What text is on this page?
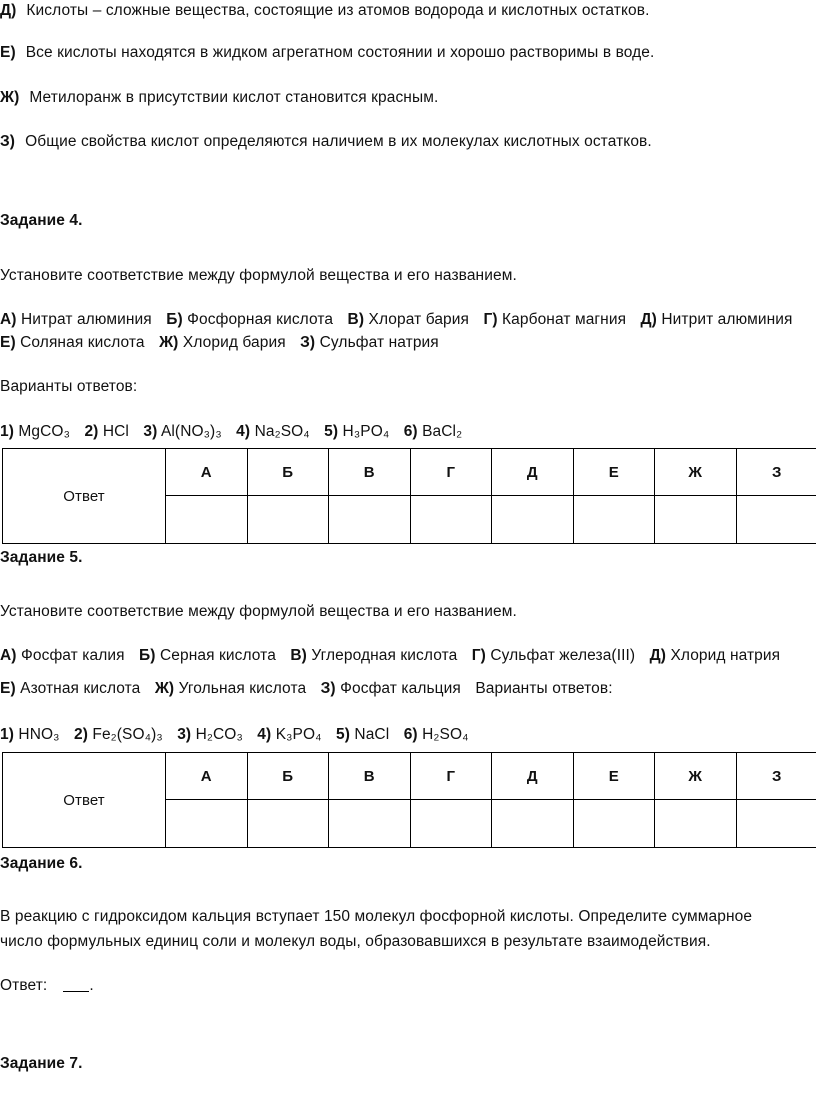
Д) Кислоты – сложные вещества, состоящие из атомов водорода и кислотных остатков.
Е) Все кислоты находятся в жидком агрегатном состоянии и хорошо растворимы в воде.
Ж) Метилоранж в присутствии кислот становится красным.
З) Общие свойства кислот определяются наличием в их молекулах кислотных остатков.
Задание 4.
Установите соответствие между формулой вещества и его названием.
А) Нитрат алюминия Б) Фосфорная кислота В) Хлорат бария Г) Карбонат магния Д) Нитрит алюминия
Е) Соляная кислота Ж) Хлорид бария З) Сульфат натрия
Варианты ответов:
1) MgCO₃ 2) HCl 3) Al(NO₃)₃ 4) Na₂SO₄ 5) H₃PO₄ 6) BaCl₂
Ответ	А	Б	В	Г	Д	Е	Ж	З

Задание 5.
Установите соответствие между формулой вещества и его названием.
А) Фосфат калия Б) Серная кислота В) Углеродная кислота Г) Сульфат железа(III) Д) Хлорид натрия
Е) Азотная кислота Ж) Угольная кислота З) Фосфат кальция Варианты ответов:
1) HNO₃ 2) Fe₂(SO₄)₃ 3) H₂CO₃ 4) K₃PO₄ 5) NaCl 6) H₂SO₄
Ответ	А	Б	В	Г	Д	Е	Ж	З

Задание 6.
В реакцию с гидроксидом кальция вступает 150 молекул фосфорной кислоты. Определите суммарное
число формульных единиц соли и молекул воды, образовавшихся в результате взаимодействия.
Ответ:	.
Задание 7.
